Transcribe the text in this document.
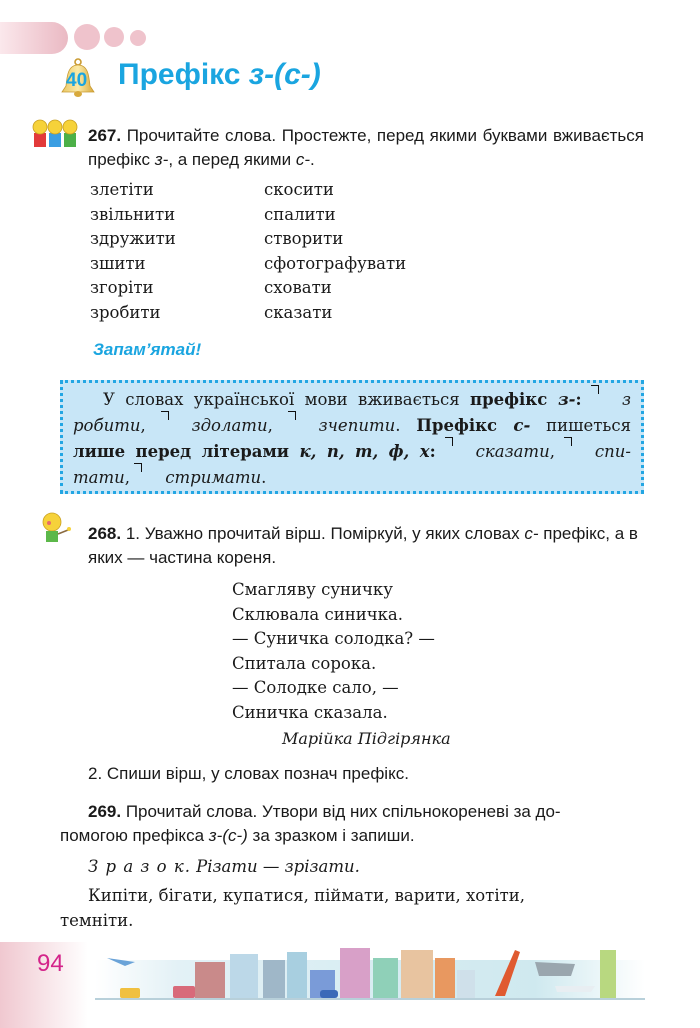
40 Префікс з-(с-)
267. Прочитайте слова. Простежте, перед якими буквами вживається префікс з-, а перед якими с-.
злетіти
звільнити
здружити
зшити
згоріти
зробити
скосити
спалити
створити
сфотографувати
сховати
сказати
Запам’ятай!
У словах української мови вживається префікс з-: зробити, здолати, зчепити. Префікс с- пишеться лише перед літерами к, п, т, ф, х: сказати, спи-тати, стримати.
268. 1. Уважно прочитай вірш. Поміркуй, у яких словах с- префікс, а в яких — частина кореня.
Смагляву суничку
Склювала синичка.
— Суничка солодка? —
Спитала сорока.
— Солодке сало, —
Синичка сказала.
Марійка Підгірянка
2. Спиши вірш, у словах познач префікс.
269. Прочитай слова. Утвори від них спільнокореневі за до-
помогою префікса з-(с-) за зразком і запиши.
З р а з о к. Різати — зрізати.
Кипіти, бігати, купатися, піймати, варити, хотіти,
темніти.
94
